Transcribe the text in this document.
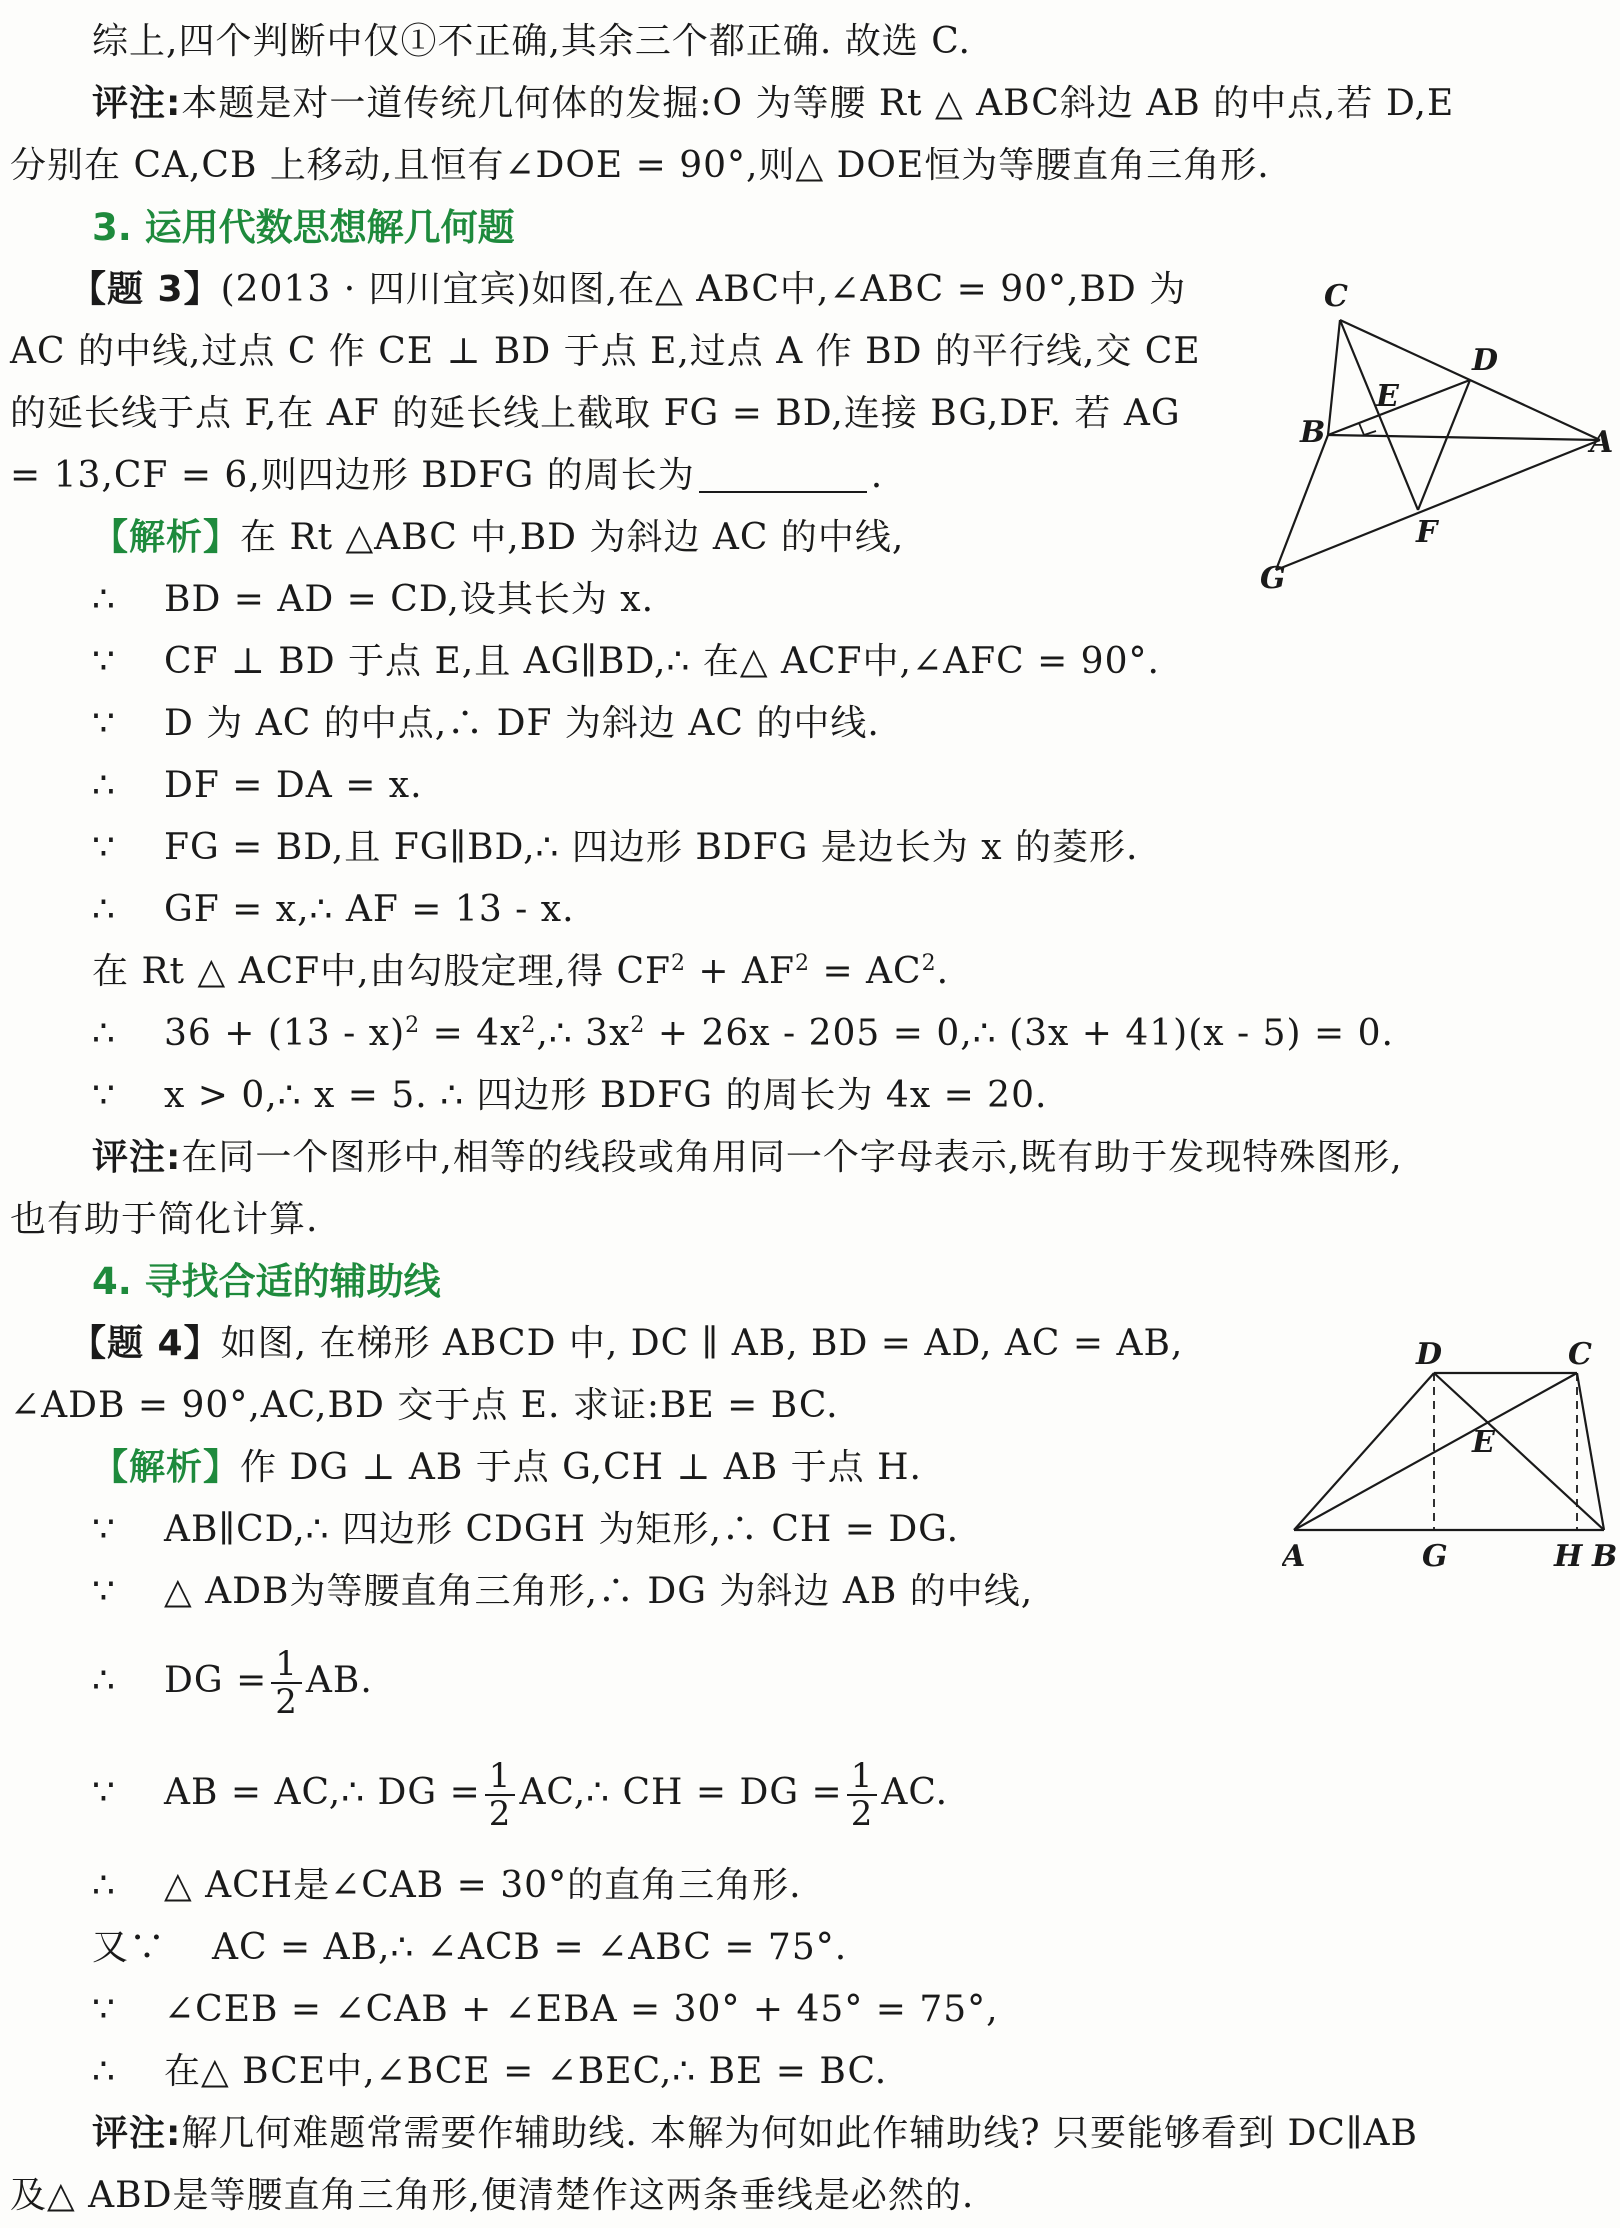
综上,四个判断中仅①不正确,其余三个都正确. 故选 C.
评注:本题是对一道传统几何体的发掘:O 为等腰 Rt △ ABC斜边 AB 的中点,若 D,E
分别在 CA,CB 上移动,且恒有∠DOE = 90°,则△ DOE恒为等腰直角三角形.
3. 运用代数思想解几何题
【题 3】(2013 · 四川宜宾)如图,在△ ABC中,∠ABC = 90°,BD 为
AC 的中线,过点 C 作 CE ⊥ BD 于点 E,过点 A 作 BD 的平行线,交 CE
的延长线于点 F,在 AF 的延长线上截取 FG = BD,连接 BG,DF. 若 AG
= 13,CF = 6,则四边形 BDFG 的周长为	.
【解析】在 Rt △ABC 中,BD 为斜边 AC 的中线,
∴ BD = AD = CD,设其长为 x.
∵ CF ⊥ BD 于点 E,且 AG∥BD,∴ 在△ ACF中,∠AFC = 90°.
∵ D 为 AC 的中点,∴ DF 为斜边 AC 的中线.
∴ DF = DA = x.
∵ FG = BD,且 FG∥BD,∴ 四边形 BDFG 是边长为 x 的菱形.
∴ GF = x,∴ AF = 13 - x.
在 Rt △ ACF中,由勾股定理,得 $CF^2 + AF^2 = AC^2$.
∴ $36 + (13 - x)^2 = 4x^2,\therefore$ $3x^2 + 26x - 205$ = 0,∴ (3x + 41)(x - 5) = 0.
∵ x > 0,∴ x = 5. ∴ 四边形 BDFG 的周长为 4x = 20.
评注:在同一个图形中,相等的线段或角用同一个字母表示,既有助于发现特殊图形,
也有助于简化计算.
4. 寻找合适的辅助线
【题 4】如图, 在梯形 ABCD 中, DC ∥ AB, BD = AD, AC = AB,
∠ADB = 90°,AC,BD 交于点 E. 求证:BE = BC.
【解析】作 DG ⊥ AB 于点 G,CH ⊥ AB 于点 H.
∵ AB∥CD,∴ 四边形 CDGH 为矩形,∴ CH = DG.
∵ △ ADB为等腰直角三角形,∴ DG 为斜边 AB 的中线,
∴ DG = $\frac{1}{2}$ AB.
∵ AB = AC,∴ DG = $\frac{1}{2}$ AC,∴ CH = DG = $\frac{1}{2}$ AC.
∴ △ ACH是∠CAB = 30°的直角三角形.
又∵ AC = AB,∴ ∠ACB = ∠ABC = 75°.
∵ ∠CEB = ∠CAB + ∠EBA = 30° + 45° = 75°,
∴ 在△ BCE中,∠BCE = ∠BEC,∴ BE = BC.
评注:解几何难题常需要作辅助线. 本解为何如此作辅助线? 只要能够看到 DC∥AB
及△ ABD是等腰直角三角形,便清楚作这两条垂线是必然的.
C
D
E
B	A
F
G
D	C
E
A	G	H B
